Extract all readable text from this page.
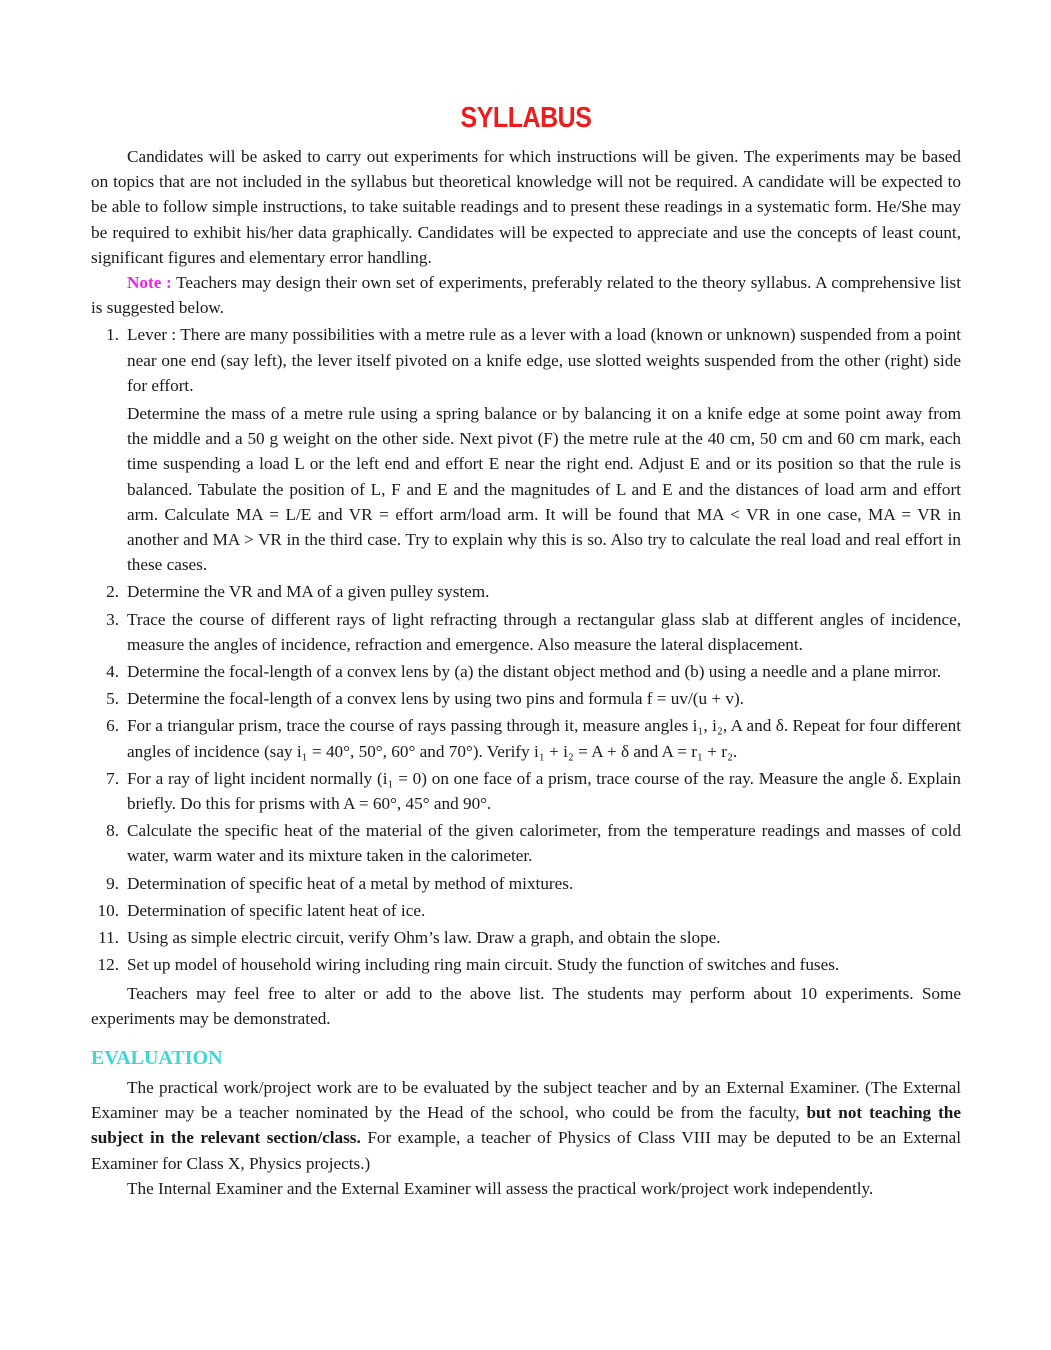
SYLLABUS

Candidates will be asked to carry out experiments for which instructions will be given. The experiments may be based on topics that are not included in the syllabus but theoretical knowledge will not be required. A candidate will be expected to be able to follow simple instructions, to take suitable readings and to present these readings in a systematic form. He/She may be required to exhibit his/her data graphically. Candidates will be expected to appreciate and use the concepts of least count, significant figures and elementary error handling.

Note : Teachers may design their own set of experiments, preferably related to the theory syllabus. A comprehensive list is suggested below.

1. Lever : There are many possibilities with a metre rule as a lever with a load (known or unknown) suspended from a point near one end (say left), the lever itself pivoted on a knife edge, use slotted weights suspended from the other (right) side for effort.

Determine the mass of a metre rule using a spring balance or by balancing it on a knife edge at some point away from the middle and a 50 g weight on the other side. Next pivot (F) the metre rule at the 40 cm, 50 cm and 60 cm mark, each time suspending a load L or the left end and effort E near the right end. Adjust E and or its position so that the rule is balanced. Tabulate the position of L, F and E and the magnitudes of L and E and the distances of load arm and effort arm. Calculate MA = L/E and VR = effort arm/load arm. It will be found that MA < VR in one case, MA = VR in another and MA > VR in the third case. Try to explain why this is so. Also try to calculate the real load and real effort in these cases.

2. Determine the VR and MA of a given pulley system.

3. Trace the course of different rays of light refracting through a rectangular glass slab at different angles of incidence, measure the angles of incidence, refraction and emergence. Also measure the lateral displacement.

4. Determine the focal-length of a convex lens by (a) the distant object method and (b) using a needle and a plane mirror.

5. Determine the focal-length of a convex lens by using two pins and formula f = uv/(u + v).

6. For a triangular prism, trace the course of rays passing through it, measure angles i₁, i₂, A and δ. Repeat for four different angles of incidence (say i₁ = 40°, 50°, 60° and 70°). Verify i₁ + i₂ = A + δ and A = r₁ + r₂.

7. For a ray of light incident normally (i₁ = 0) on one face of a prism, trace course of the ray. Measure the angle δ. Explain briefly. Do this for prisms with A = 60°, 45° and 90°.

8. Calculate the specific heat of the material of the given calorimeter, from the temperature readings and masses of cold water, warm water and its mixture taken in the calorimeter.

9. Determination of specific heat of a metal by method of mixtures.

10. Determination of specific latent heat of ice.

11. Using as simple electric circuit, verify Ohm’s law. Draw a graph, and obtain the slope.

12. Set up model of household wiring including ring main circuit. Study the function of switches and fuses.

Teachers may feel free to alter or add to the above list. The students may perform about 10 experiments. Some experiments may be demonstrated.

EVALUATION

The practical work/project work are to be evaluated by the subject teacher and by an External Examiner. (The External Examiner may be a teacher nominated by the Head of the school, who could be from the faculty, but not teaching the subject in the relevant section/class. For example, a teacher of Physics of Class VIII may be deputed to be an External Examiner for Class X, Physics projects.)

The Internal Examiner and the External Examiner will assess the practical work/project work independently.
